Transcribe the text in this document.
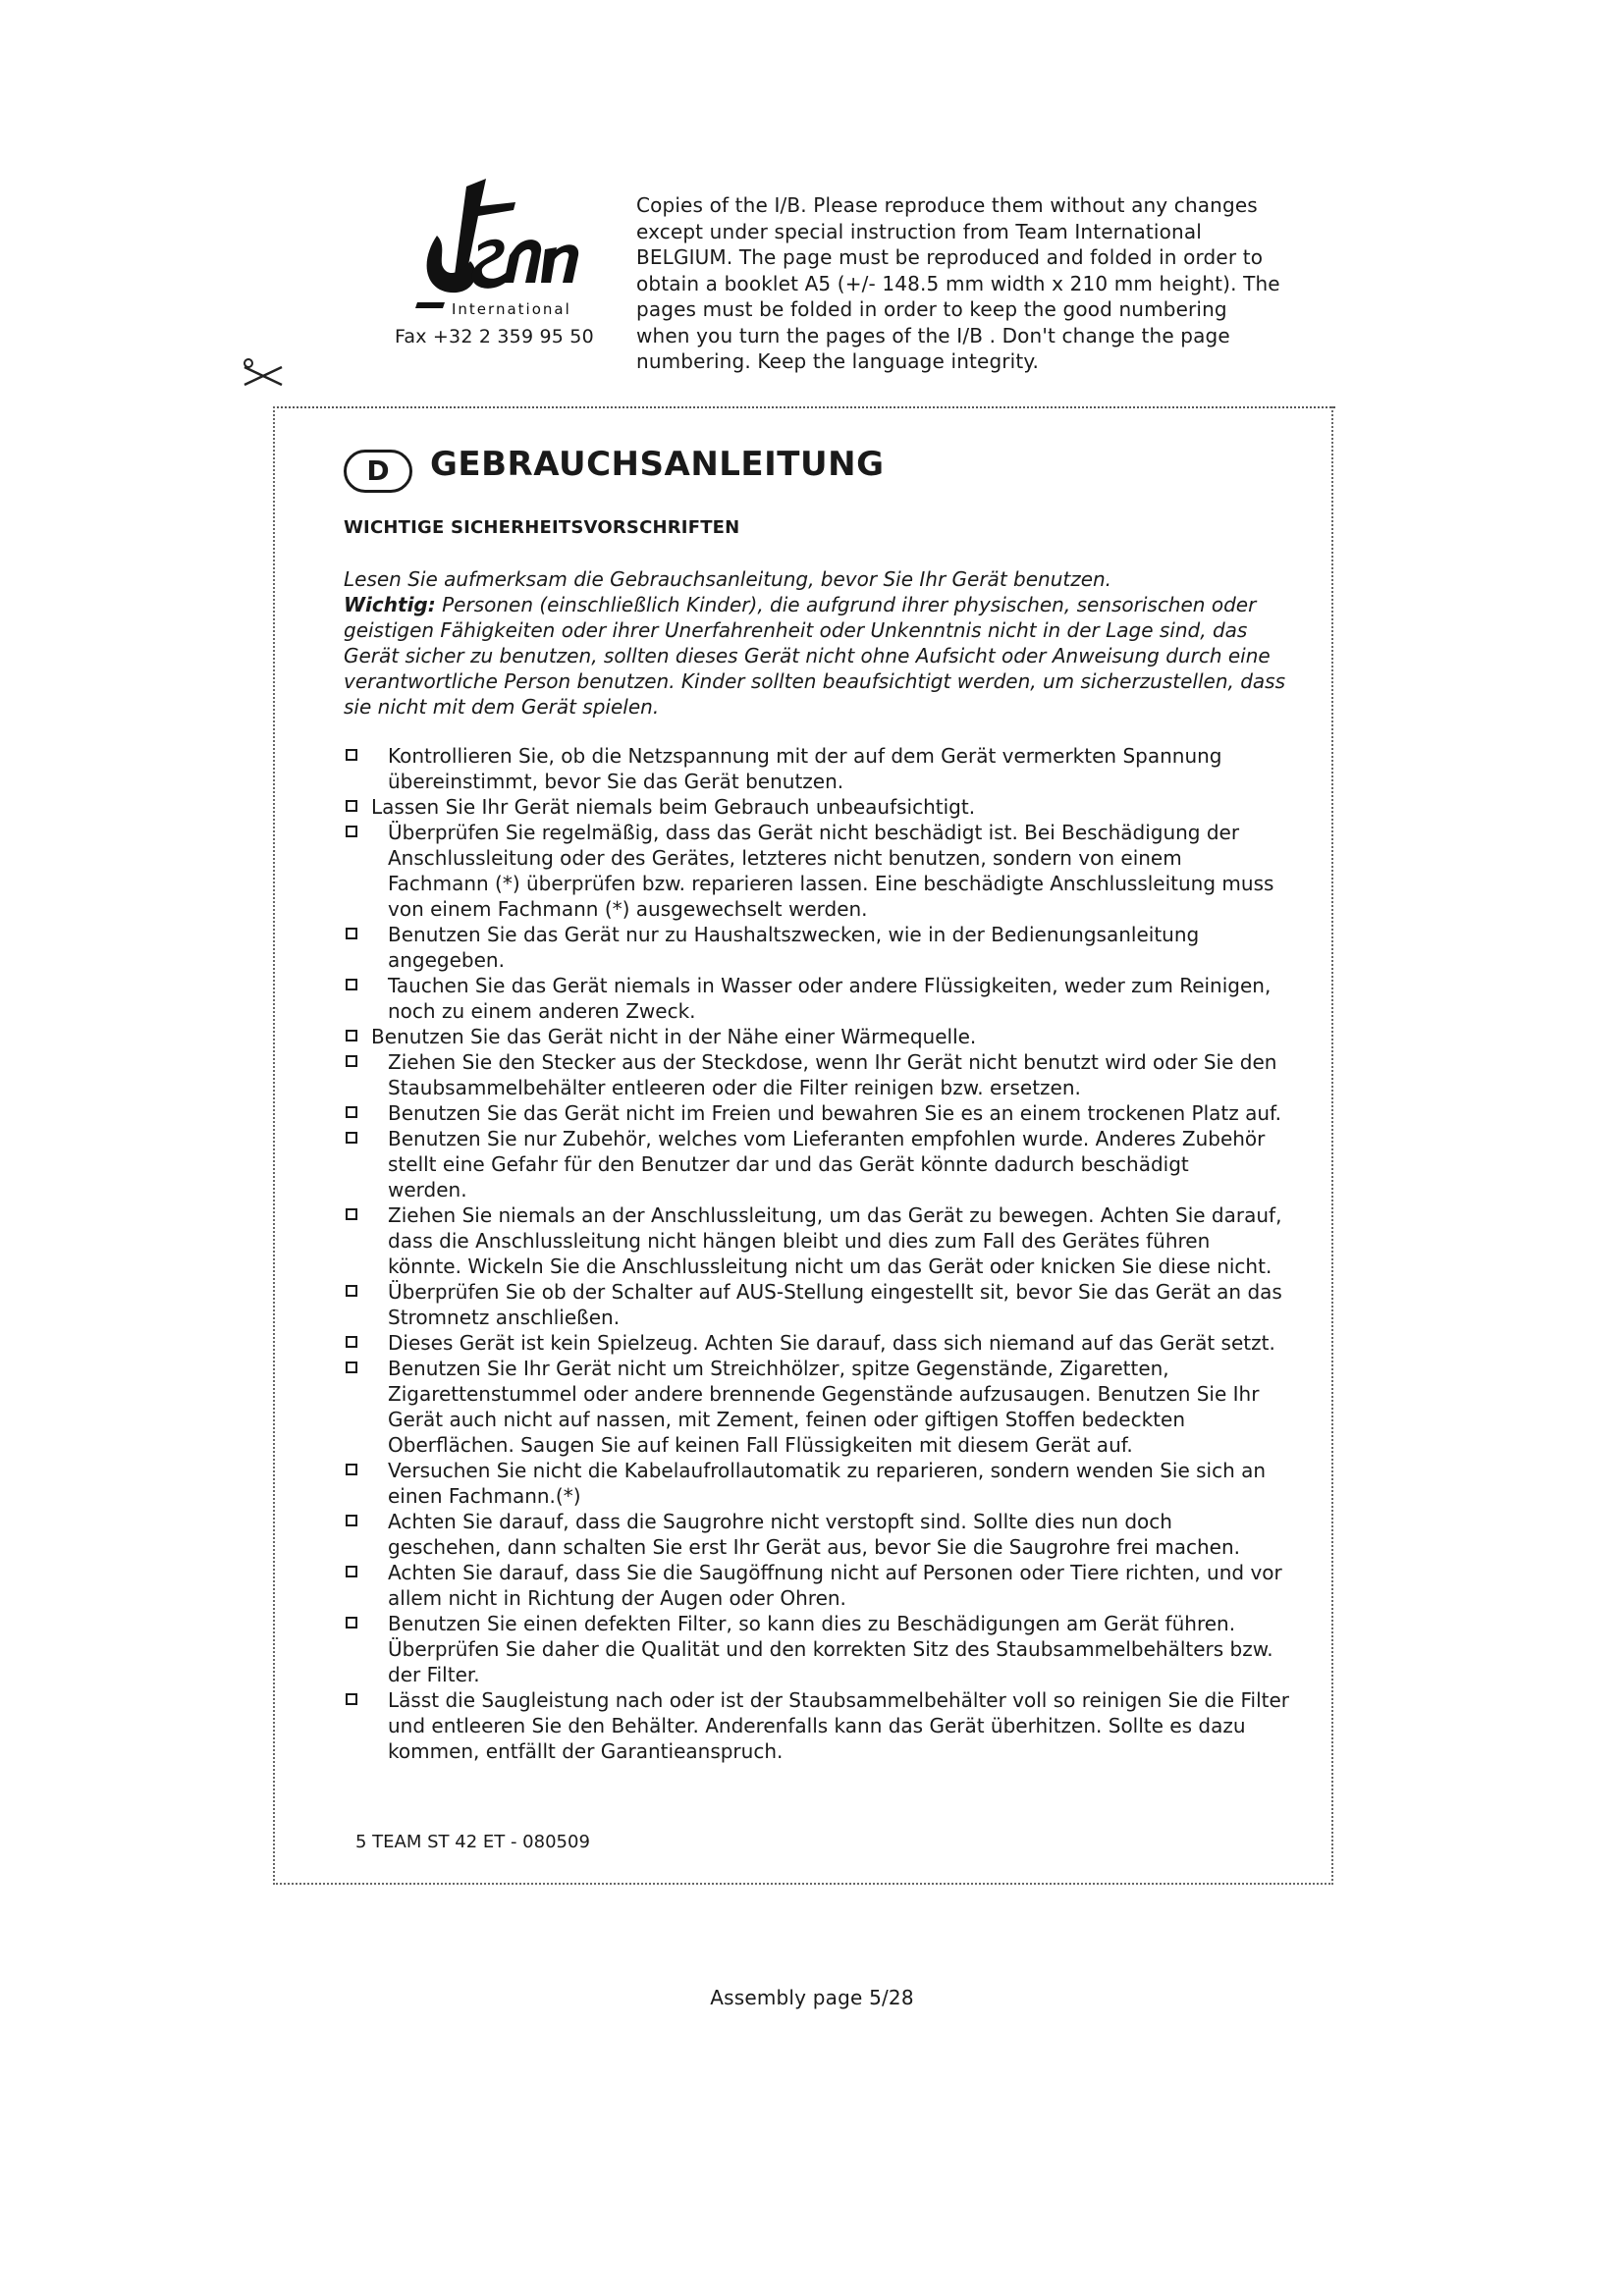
International
Fax +32 2 359 95 50
Copies of the I/B. Please reproduce them without any changes
except under special instruction from Team International
BELGIUM. The page must be reproduced and folded in order to
obtain a booklet A5 (+/- 148.5 mm width x 210 mm height). The
pages must be folded in order to keep the good numbering
when you turn the pages of the I/B . Don't change the page
numbering. Keep the language integrity.
D	GEBRAUCHSANLEITUNG
WICHTIGE SICHERHEITSVORSCHRIFTEN

Lesen Sie aufmerksam die Gebrauchsanleitung, bevor Sie Ihr Gerät benutzen.

Wichtig: Personen (einschließlich Kinder), die aufgrund ihrer physischen, sensorischen oder

geistigen Fähigkeiten oder ihrer Unerfahrenheit oder Unkenntnis nicht in der Lage sind, das

Gerät sicher zu benutzen, sollten dieses Gerät nicht ohne Aufsicht oder Anweisung durch eine

verantwortliche Person benutzen. Kinder sollten beaufsichtigt werden, um sicherzustellen, dass

sie nicht mit dem Gerät spielen.

Kontrollieren Sie, ob die Netzspannung mit der auf dem Gerät vermerkten Spannung
übereinstimmt, bevor Sie das Gerät benutzen.
Lassen Sie Ihr Gerät niemals beim Gebrauch unbeaufsichtigt.
Überprüfen Sie regelmäßig, dass das Gerät nicht beschädigt ist. Bei Beschädigung der
Anschlussleitung oder des Gerätes, letzteres nicht benutzen, sondern von einem
Fachmann (*) überprüfen bzw. reparieren lassen. Eine beschädigte Anschlussleitung muss
von einem Fachmann (*) ausgewechselt werden.
Benutzen Sie das Gerät nur zu Haushaltszwecken, wie in der Bedienungsanleitung
angegeben.
Tauchen Sie das Gerät niemals in Wasser oder andere Flüssigkeiten, weder zum Reinigen,
noch zu einem anderen Zweck.
Benutzen Sie das Gerät nicht in der Nähe einer Wärmequelle.
Ziehen Sie den Stecker aus der Steckdose, wenn Ihr Gerät nicht benutzt wird oder Sie den
Staubsammelbehälter entleeren oder die Filter reinigen bzw. ersetzen.
Benutzen Sie das Gerät nicht im Freien und bewahren Sie es an einem trockenen Platz auf.
Benutzen Sie nur Zubehör, welches vom Lieferanten empfohlen wurde. Anderes Zubehör
stellt eine Gefahr für den Benutzer dar und das Gerät könnte dadurch beschädigt
werden.
Ziehen Sie niemals an der Anschlussleitung, um das Gerät zu bewegen. Achten Sie darauf,
dass die Anschlussleitung nicht hängen bleibt und dies zum Fall des Gerätes führen
könnte. Wickeln Sie die Anschlussleitung nicht um das Gerät oder knicken Sie diese nicht.
Überprüfen Sie ob der Schalter auf AUS-Stellung eingestellt sit, bevor Sie das Gerät an das
Stromnetz anschließen.
Dieses Gerät ist kein Spielzeug. Achten Sie darauf, dass sich niemand auf das Gerät setzt.
Benutzen Sie Ihr Gerät nicht um Streichhölzer, spitze Gegenstände, Zigaretten,
Zigarettenstummel oder andere brennende Gegenstände aufzusaugen. Benutzen Sie Ihr
Gerät auch nicht auf nassen, mit Zement, feinen oder giftigen Stoffen bedeckten
Oberflächen. Saugen Sie auf keinen Fall Flüssigkeiten mit diesem Gerät auf.
Versuchen Sie nicht die Kabelaufrollautomatik zu reparieren, sondern wenden Sie sich an
einen Fachmann.(*)
Achten Sie darauf, dass die Saugrohre nicht verstopft sind. Sollte dies nun doch
geschehen, dann schalten Sie erst Ihr Gerät aus, bevor Sie die Saugrohre frei machen.
Achten Sie darauf, dass Sie die Saugöffnung nicht auf Personen oder Tiere richten, und vor
allem nicht in Richtung der Augen oder Ohren.
Benutzen Sie einen defekten Filter, so kann dies zu Beschädigungen am Gerät führen.
Überprüfen Sie daher die Qualität und den korrekten Sitz des Staubsammelbehälters bzw.
der Filter.
Lässt die Saugleistung nach oder ist der Staubsammelbehälter voll so reinigen Sie die Filter
und entleeren Sie den Behälter. Anderenfalls kann das Gerät überhitzen. Sollte es dazu
kommen, entfällt der Garantieanspruch.
5 TEAM ST 42 ET - 080509
Assembly page 5/28
